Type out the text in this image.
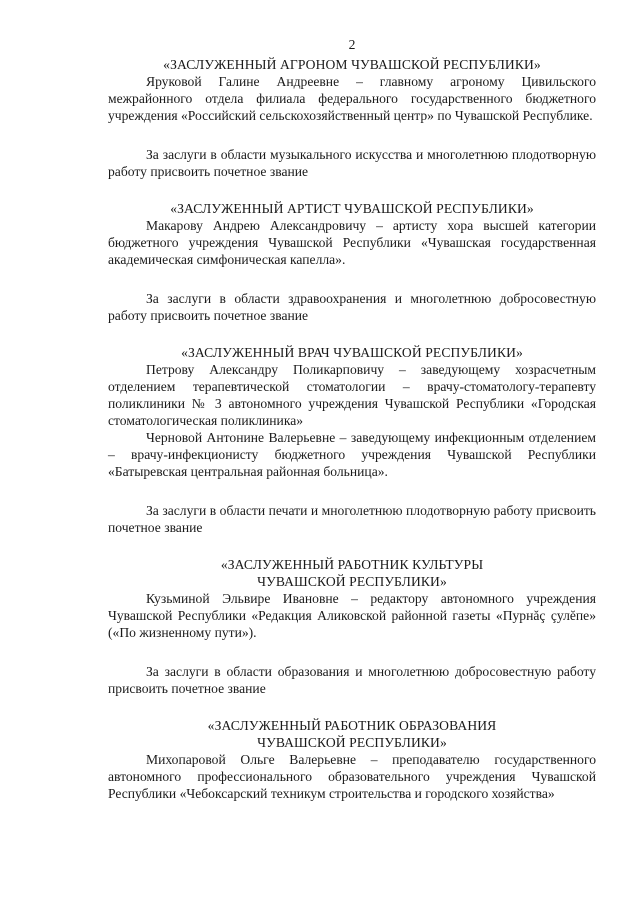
2
«ЗАСЛУЖЕННЫЙ АГРОНОМ ЧУВАШСКОЙ РЕСПУБЛИКИ»

Яруковой Галине Андреевне – главному агроному Цивильского межрайонного отдела филиала федерального государственного бюджетного учреждения «Российский сельскохозяйственный центр» по Чувашской Республике.

За заслуги в области музыкального искусства и многолетнюю плодотворную работу присвоить почетное звание

«ЗАСЛУЖЕННЫЙ АРТИСТ ЧУВАШСКОЙ РЕСПУБЛИКИ»

Макарову Андрею Александровичу – артисту хора высшей категории бюджетного учреждения Чувашской Республики «Чувашская государственная академическая симфоническая капелла».

За заслуги в области здравоохранения и многолетнюю добросовестную работу присвоить почетное звание

«ЗАСЛУЖЕННЫЙ ВРАЧ ЧУВАШСКОЙ РЕСПУБЛИКИ»

Петрову Александру Поликарповичу – заведующему хозрасчетным отделением терапевтической стоматологии – врачу-стоматологу-терапевту поликлиники № 3 автономного учреждения Чувашской Республики «Городская стоматологическая поликлиника»

Черновой Антонине Валерьевне – заведующему инфекционным отделением – врачу-инфекционисту бюджетного учреждения Чувашской Республики «Батыревская центральная районная больница».

За заслуги в области печати и многолетнюю плодотворную работу присвоить почетное звание

«ЗАСЛУЖЕННЫЙ РАБОТНИК КУЛЬТУРЫ
ЧУВАШСКОЙ РЕСПУБЛИКИ»

Кузьминой Эльвире Ивановне – редактору автономного учреждения Чувашской Республики «Редакция Аликовской районной газеты «Пурнăç çулĕпе» («По жизненному пути»).

За заслуги в области образования и многолетнюю добросовестную работу присвоить почетное звание

«ЗАСЛУЖЕННЫЙ РАБОТНИК ОБРАЗОВАНИЯ
ЧУВАШСКОЙ РЕСПУБЛИКИ»

Михопаровой Ольге Валерьевне – преподавателю государственного автономного профессионального образовательного учреждения Чувашской Республики «Чебоксарский техникум строительства и городского хозяйства»
